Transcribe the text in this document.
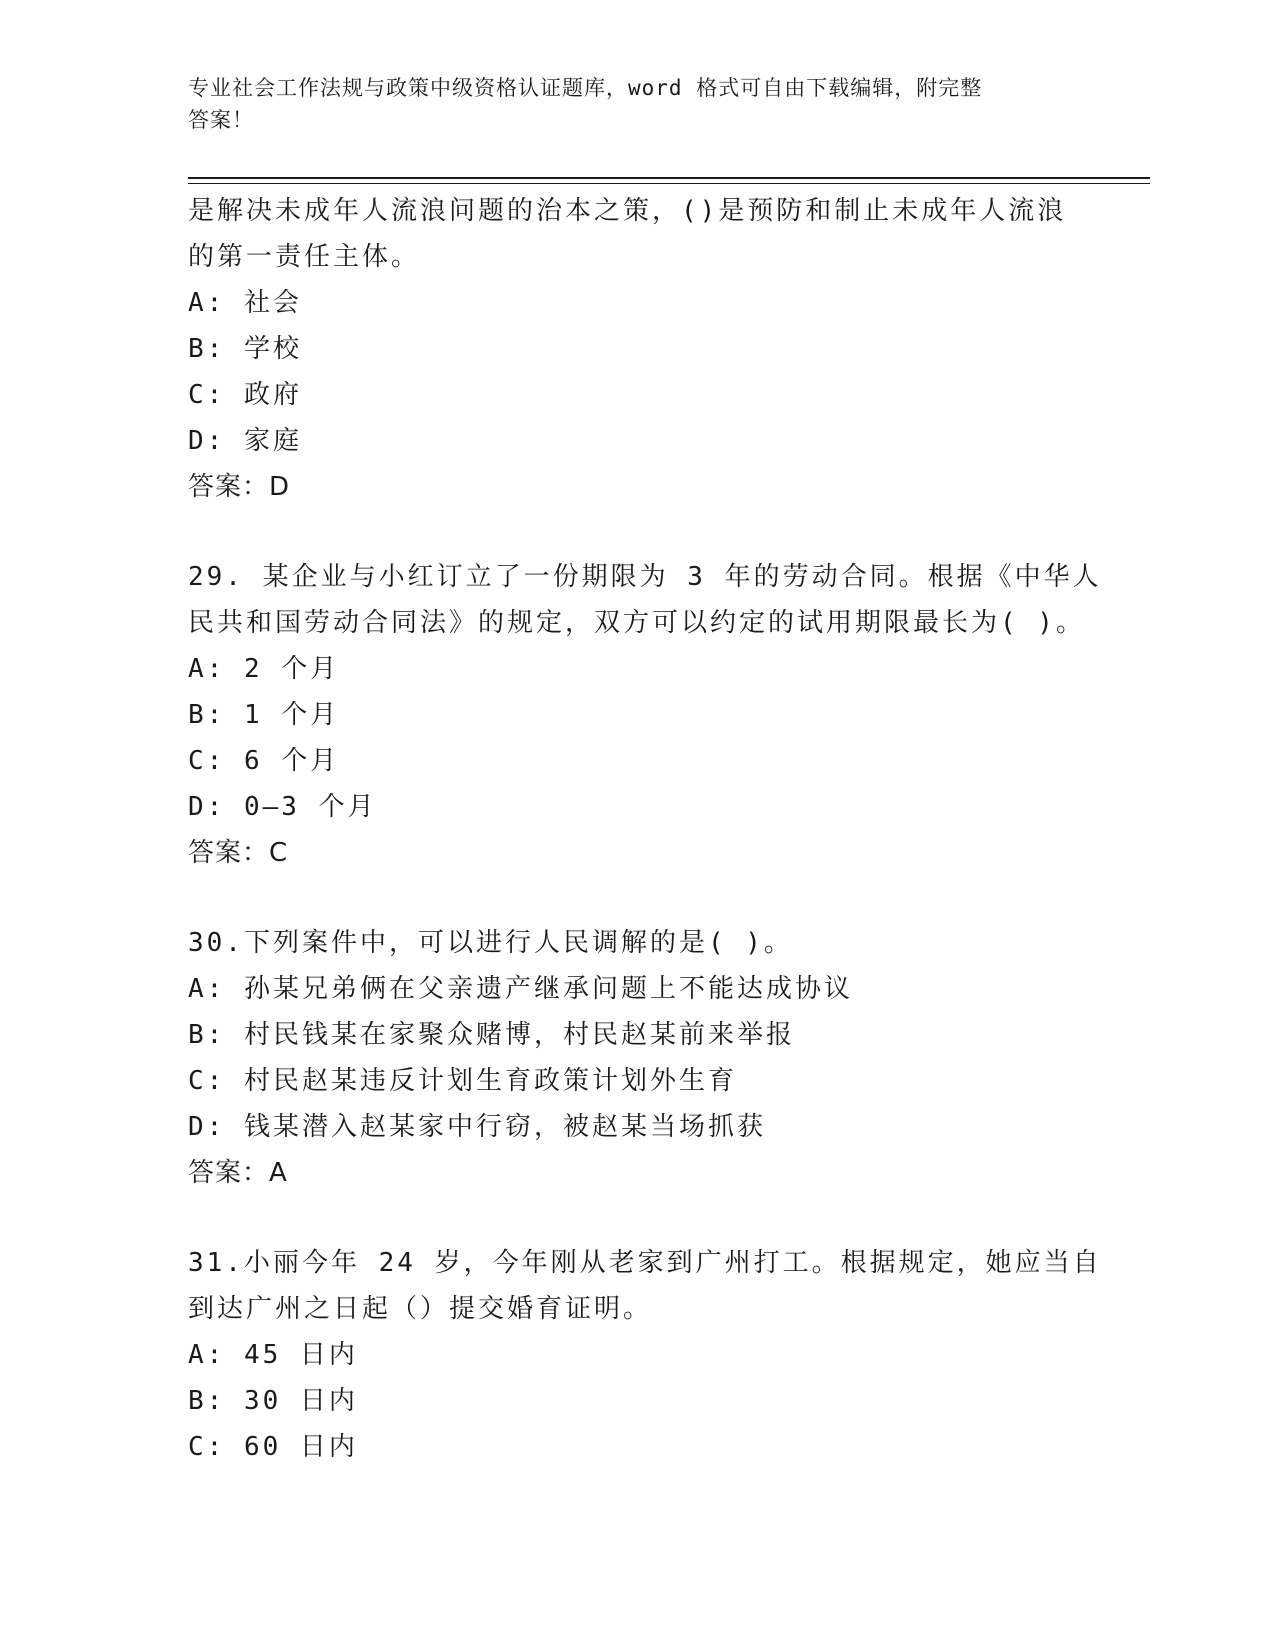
专业社会工作法规与政策中级资格认证题库，word 格式可自由下载编辑，附完整
答案！
是解决未成年人流浪问题的治本之策，()是预防和制止未成年人流浪
的第一责任主体。
A: 社会
B: 学校
C: 政府
D: 家庭
答案：D
29. 某企业与小红订立了一份期限为 3 年的劳动合同。根据《中华人
民共和国劳动合同法》的规定，双方可以约定的试用期限最长为( )。
A: 2 个月
B: 1 个月
C: 6 个月
D: 0—3 个月
答案：C
30.下列案件中，可以进行人民调解的是( )。
A: 孙某兄弟俩在父亲遗产继承问题上不能达成协议
B: 村民钱某在家聚众赌博，村民赵某前来举报
C: 村民赵某违反计划生育政策计划外生育
D: 钱某潜入赵某家中行窃，被赵某当场抓获
答案：A
31.小丽今年 24 岁，今年刚从老家到广州打工。根据规定，她应当自
到达广州之日起（）提交婚育证明。
A: 45 日内
B: 30 日内
C: 60 日内
